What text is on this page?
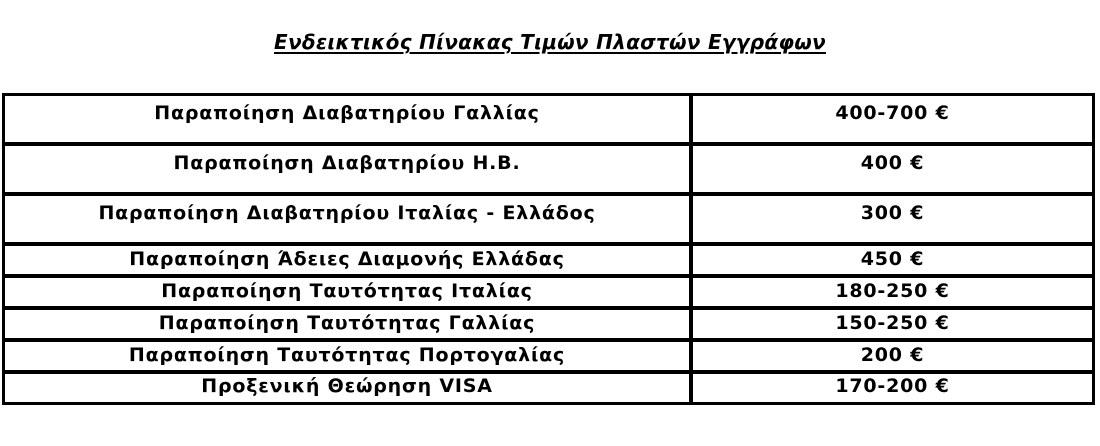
Ενδεικτικός Πίνακας Τιμών Πλαστών Εγγράφων
Παραποίηση Διαβατηρίου Γαλλίας	400-700 €

Παραποίηση Διαβατηρίου Η.Β.	400 €

Παραποίηση Διαβατηρίου Ιταλίας - Ελλάδος	300 €

Παραποίηση Άδειες Διαμονής Ελλάδας	450 €

Παραποίηση Ταυτότητας Ιταλίας	180-250 €

Παραποίηση Ταυτότητας Γαλλίας	150-250 €

Παραποίηση Ταυτότητας Πορτογαλίας	200 €

Προξενική Θεώρηση VISA	170-200 €
